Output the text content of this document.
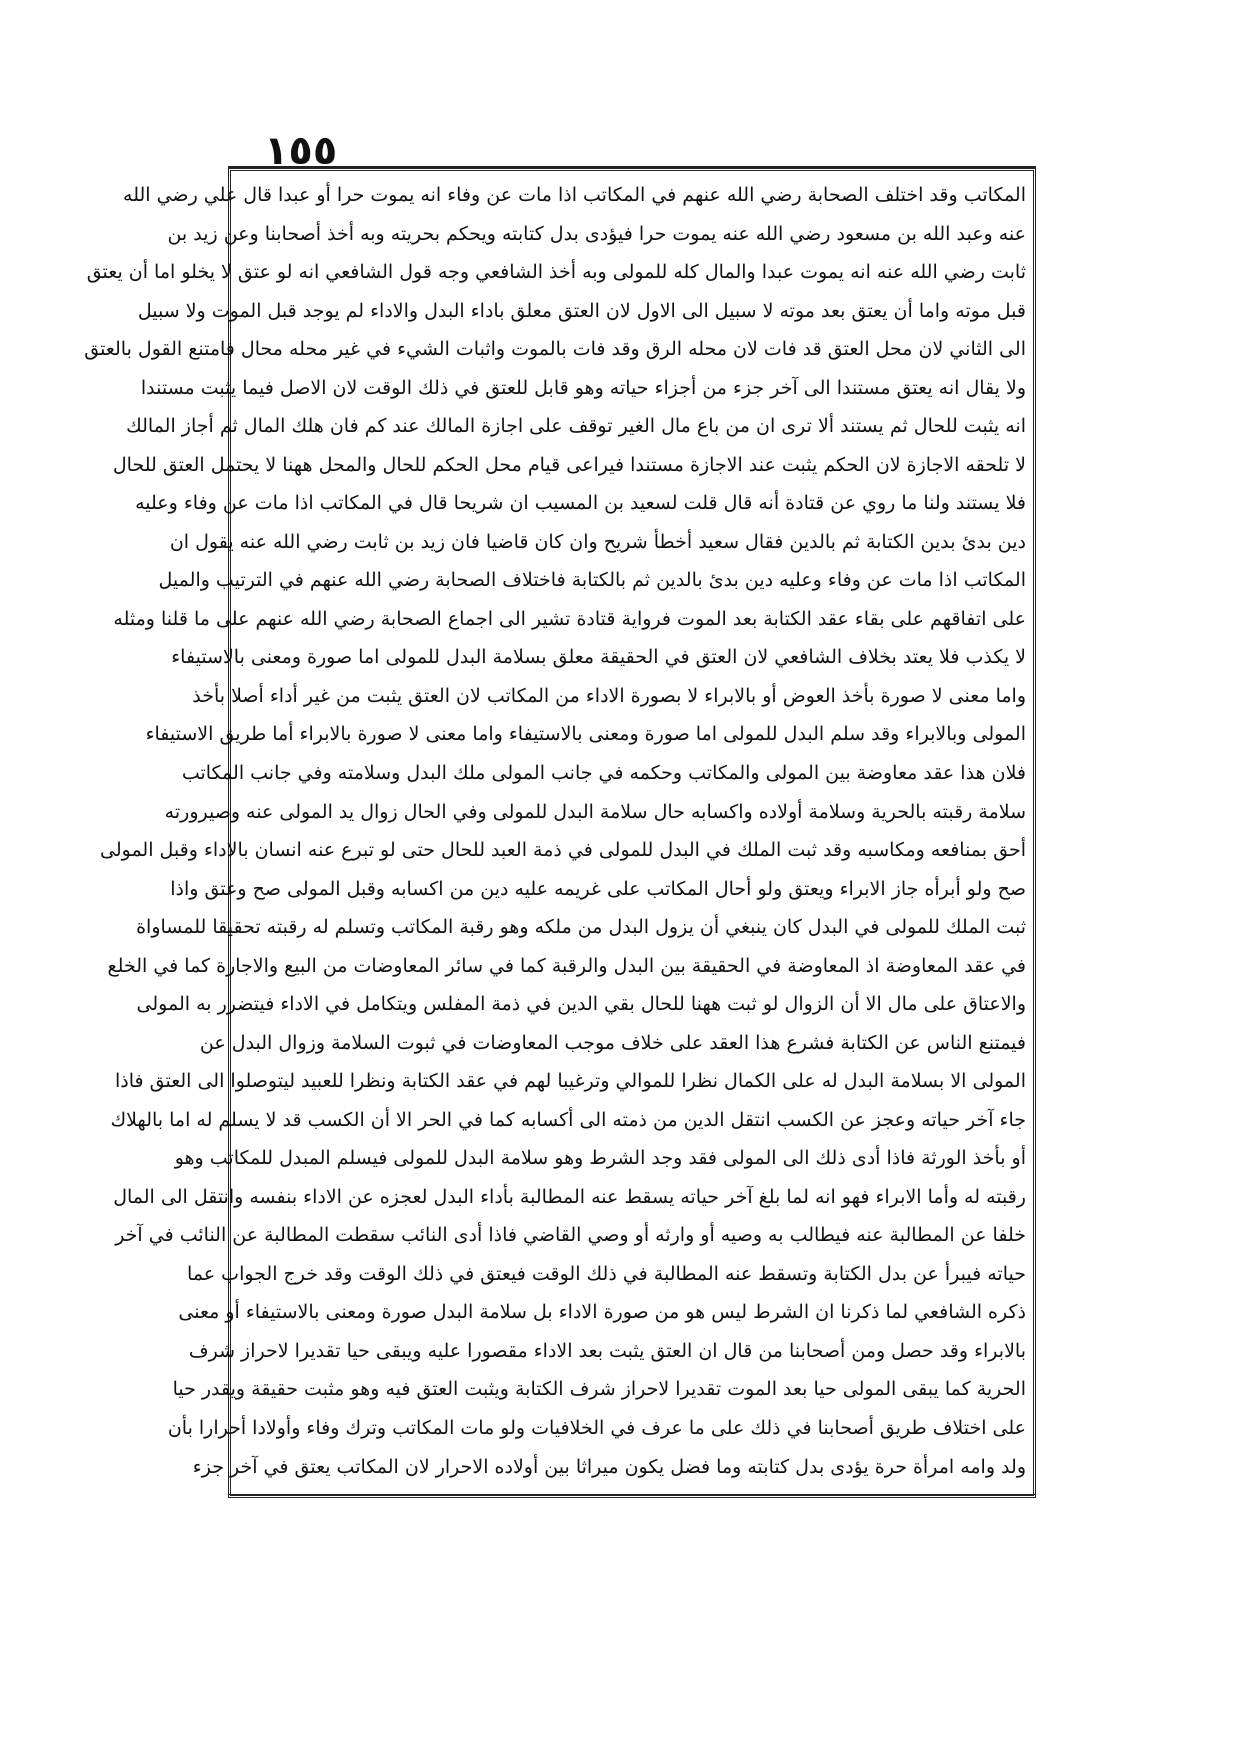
١٥٥
المكاتب وقد اختلف الصحابة رضي الله عنهم في المكاتب اذا مات عن وفاء انه يموت حرا أو عبدا قال علي رضي الله
عنه وعبد الله بن مسعود رضي الله عنه يموت حرا فيؤدى بدل كتابته ويحكم بحريته وبه أخذ أصحابنا وعن زيد بن
ثابت رضي الله عنه انه يموت عبدا والمال كله للمولى وبه أخذ الشافعي وجه قول الشافعي انه لو عتق لا يخلو اما أن يعتق
قبل موته واما أن يعتق بعد موته لا سبيل الى الاول لان العتق معلق باداء البدل والاداء لم يوجد قبل الموت ولا سبيل
الى الثاني لان محل العتق قد فات لان محله الرق وقد فات بالموت واثبات الشيء في غير محله محال فامتنع القول بالعتق
ولا يقال انه يعتق مستندا الى آخر جزء من أجزاء حياته وهو قابل للعتق في ذلك الوقت لان الاصل فيما يثبت مستندا
انه يثبت للحال ثم يستند ألا ترى ان من باع مال الغير توقف على اجازة المالك عند كم فان هلك المال ثم أجاز المالك
لا تلحقه الاجازة لان الحكم يثبت عند الاجازة مستندا فيراعى قيام محل الحكم للحال والمحل ههنا لا يحتمل العتق للحال
فلا يستند ولنا ما روي عن قتادة أنه قال قلت لسعيد بن المسيب ان شريحا قال في المكاتب اذا مات عن وفاء وعليه
دين بدئ بدين الكتابة ثم بالدين فقال سعيد أخطأ شريح وان كان قاضيا فان زيد بن ثابت رضي الله عنه يقول ان
المكاتب اذا مات عن وفاء وعليه دين بدئ بالدين ثم بالكتابة فاختلاف الصحابة رضي الله عنهم في الترتيب والميل
على اتفاقهم على بقاء عقد الكتابة بعد الموت فرواية قتادة تشير الى اجماع الصحابة رضي الله عنهم على ما قلنا ومثله
لا يكذب فلا يعتد بخلاف الشافعي لان العتق في الحقيقة معلق بسلامة البدل للمولى اما صورة ومعنى بالاستيفاء
واما معنى لا صورة بأخذ العوض أو بالابراء لا بصورة الاداء من المكاتب لان العتق يثبت من غير أداء أصلا بأخذ
المولى وبالابراء وقد سلم البدل للمولى اما صورة ومعنى بالاستيفاء واما معنى لا صورة بالابراء أما طريق الاستيفاء
فلان هذا عقد معاوضة بين المولى والمكاتب وحكمه في جانب المولى ملك البدل وسلامته وفي جانب المكاتب
سلامة رقبته بالحرية وسلامة أولاده واكسابه حال سلامة البدل للمولى وفي الحال زوال يد المولى عنه وصيرورته
أحق بمنافعه ومكاسبه وقد ثبت الملك في البدل للمولى في ذمة العبد للحال حتى لو تبرع عنه انسان بالاداء وقبل المولى
صح ولو أبرأه جاز الابراء ويعتق ولو أحال المكاتب على غريمه عليه دين من اكسابه وقبل المولى صح وعتق واذا
ثبت الملك للمولى في البدل كان ينبغي أن يزول البدل من ملكه وهو رقبة المكاتب وتسلم له رقبته تحقيقا للمساواة
في عقد المعاوضة اذ المعاوضة في الحقيقة بين البدل والرقبة كما في سائر المعاوضات من البيع والاجارة كما في الخلع
والاعتاق على مال الا أن الزوال لو ثبت ههنا للحال بقي الدين في ذمة المفلس ويتكامل في الاداء فيتضرر به المولى
فيمتنع الناس عن الكتابة فشرع هذا العقد على خلاف موجب المعاوضات في ثبوت السلامة وزوال البدل عن
المولى الا بسلامة البدل له على الكمال نظرا للموالي وترغيبا لهم في عقد الكتابة ونظرا للعبيد ليتوصلوا الى العتق فاذا
جاء آخر حياته وعجز عن الكسب انتقل الدين من ذمته الى أكسابه كما في الحر الا أن الكسب قد لا يسلم له اما بالهلاك
أو بأخذ الورثة فاذا أدى ذلك الى المولى فقد وجد الشرط وهو سلامة البدل للمولى فيسلم المبدل للمكاتب وهو
رقبته له وأما الابراء فهو انه لما بلغ آخر حياته يسقط عنه المطالبة بأداء البدل لعجزه عن الاداء بنفسه وانتقل الى المال
خلفا عن المطالبة عنه فيطالب به وصيه أو وارثه أو وصي القاضي فاذا أدى النائب سقطت المطالبة عن النائب في آخر
حياته فيبرأ عن بدل الكتابة وتسقط عنه المطالبة في ذلك الوقت فيعتق في ذلك الوقت وقد خرج الجواب عما
ذكره الشافعي لما ذكرنا ان الشرط ليس هو من صورة الاداء بل سلامة البدل صورة ومعنى بالاستيفاء أو معنى
بالابراء وقد حصل ومن أصحابنا من قال ان العتق يثبت بعد الاداء مقصورا عليه ويبقى حيا تقديرا لاحراز شرف
الحرية كما يبقى المولى حيا بعد الموت تقديرا لاحراز شرف الكتابة ويثبت العتق فيه وهو مثبت حقيقة ويقدر حيا
على اختلاف طريق أصحابنا في ذلك على ما عرف في الخلافيات ولو مات المكاتب وترك وفاء وأولادا أحرارا بأن
ولد وامه امرأة حرة يؤدى بدل كتابته وما فضل يكون ميراثا بين أولاده الاحرار لان المكاتب يعتق في آخر جزء
